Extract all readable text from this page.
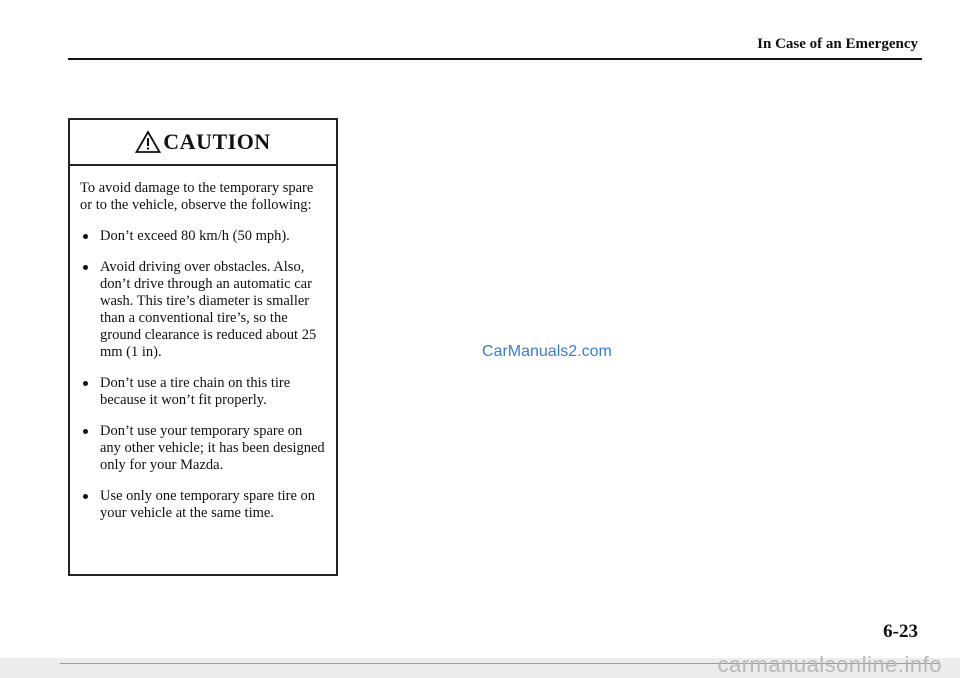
In Case of an Emergency
CAUTION

To avoid damage to the temporary spare or to the vehicle, observe the following:

Don’t exceed 80 km/h (50 mph).
Avoid driving over obstacles. Also, don’t drive through an automatic car wash. This tire’s diameter is smaller than a conventional tire’s, so the ground clearance is reduced about 25 mm (1 in).
Don’t use a tire chain on this tire because it won’t fit properly.
Don’t use your temporary spare on any other vehicle; it has been designed only for your Mazda.
Use only one temporary spare tire on your vehicle at the same time.
CarManuals2.com
6-23
carmanualsonline.info
